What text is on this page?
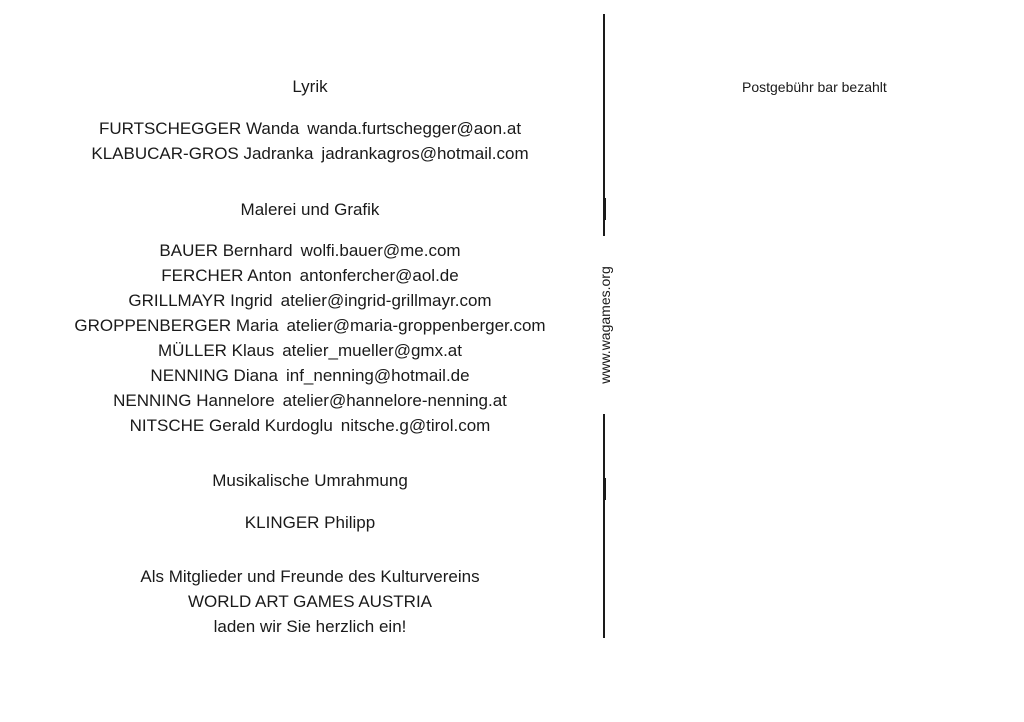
Lyrik
FURTSCHEGGER Wanda wanda.furtschegger@aon.at
KLABUCAR-GROS Jadranka jadrankagros@hotmail.com
Malerei und Grafik
BAUER Bernhard wolfi.bauer@me.com
FERCHER Anton antonfercher@aol.de
GRILLMAYR Ingrid atelier@ingrid-grillmayr.com
GROPPENBERGER Maria atelier@maria-groppenberger.com
MÜLLER Klaus atelier_mueller@gmx.at
NENNING Diana inf_nenning@hotmail.de
NENNING Hannelore atelier@hannelore-nenning.at
NITSCHE Gerald Kurdoglu nitsche.g@tirol.com
Musikalische Umrahmung
KLINGER Philipp
Als Mitglieder und Freunde des Kulturvereins
WORLD ART GAMES AUSTRIA
laden wir Sie herzlich ein!
www.wagames.org
Postgebühr bar bezahlt
